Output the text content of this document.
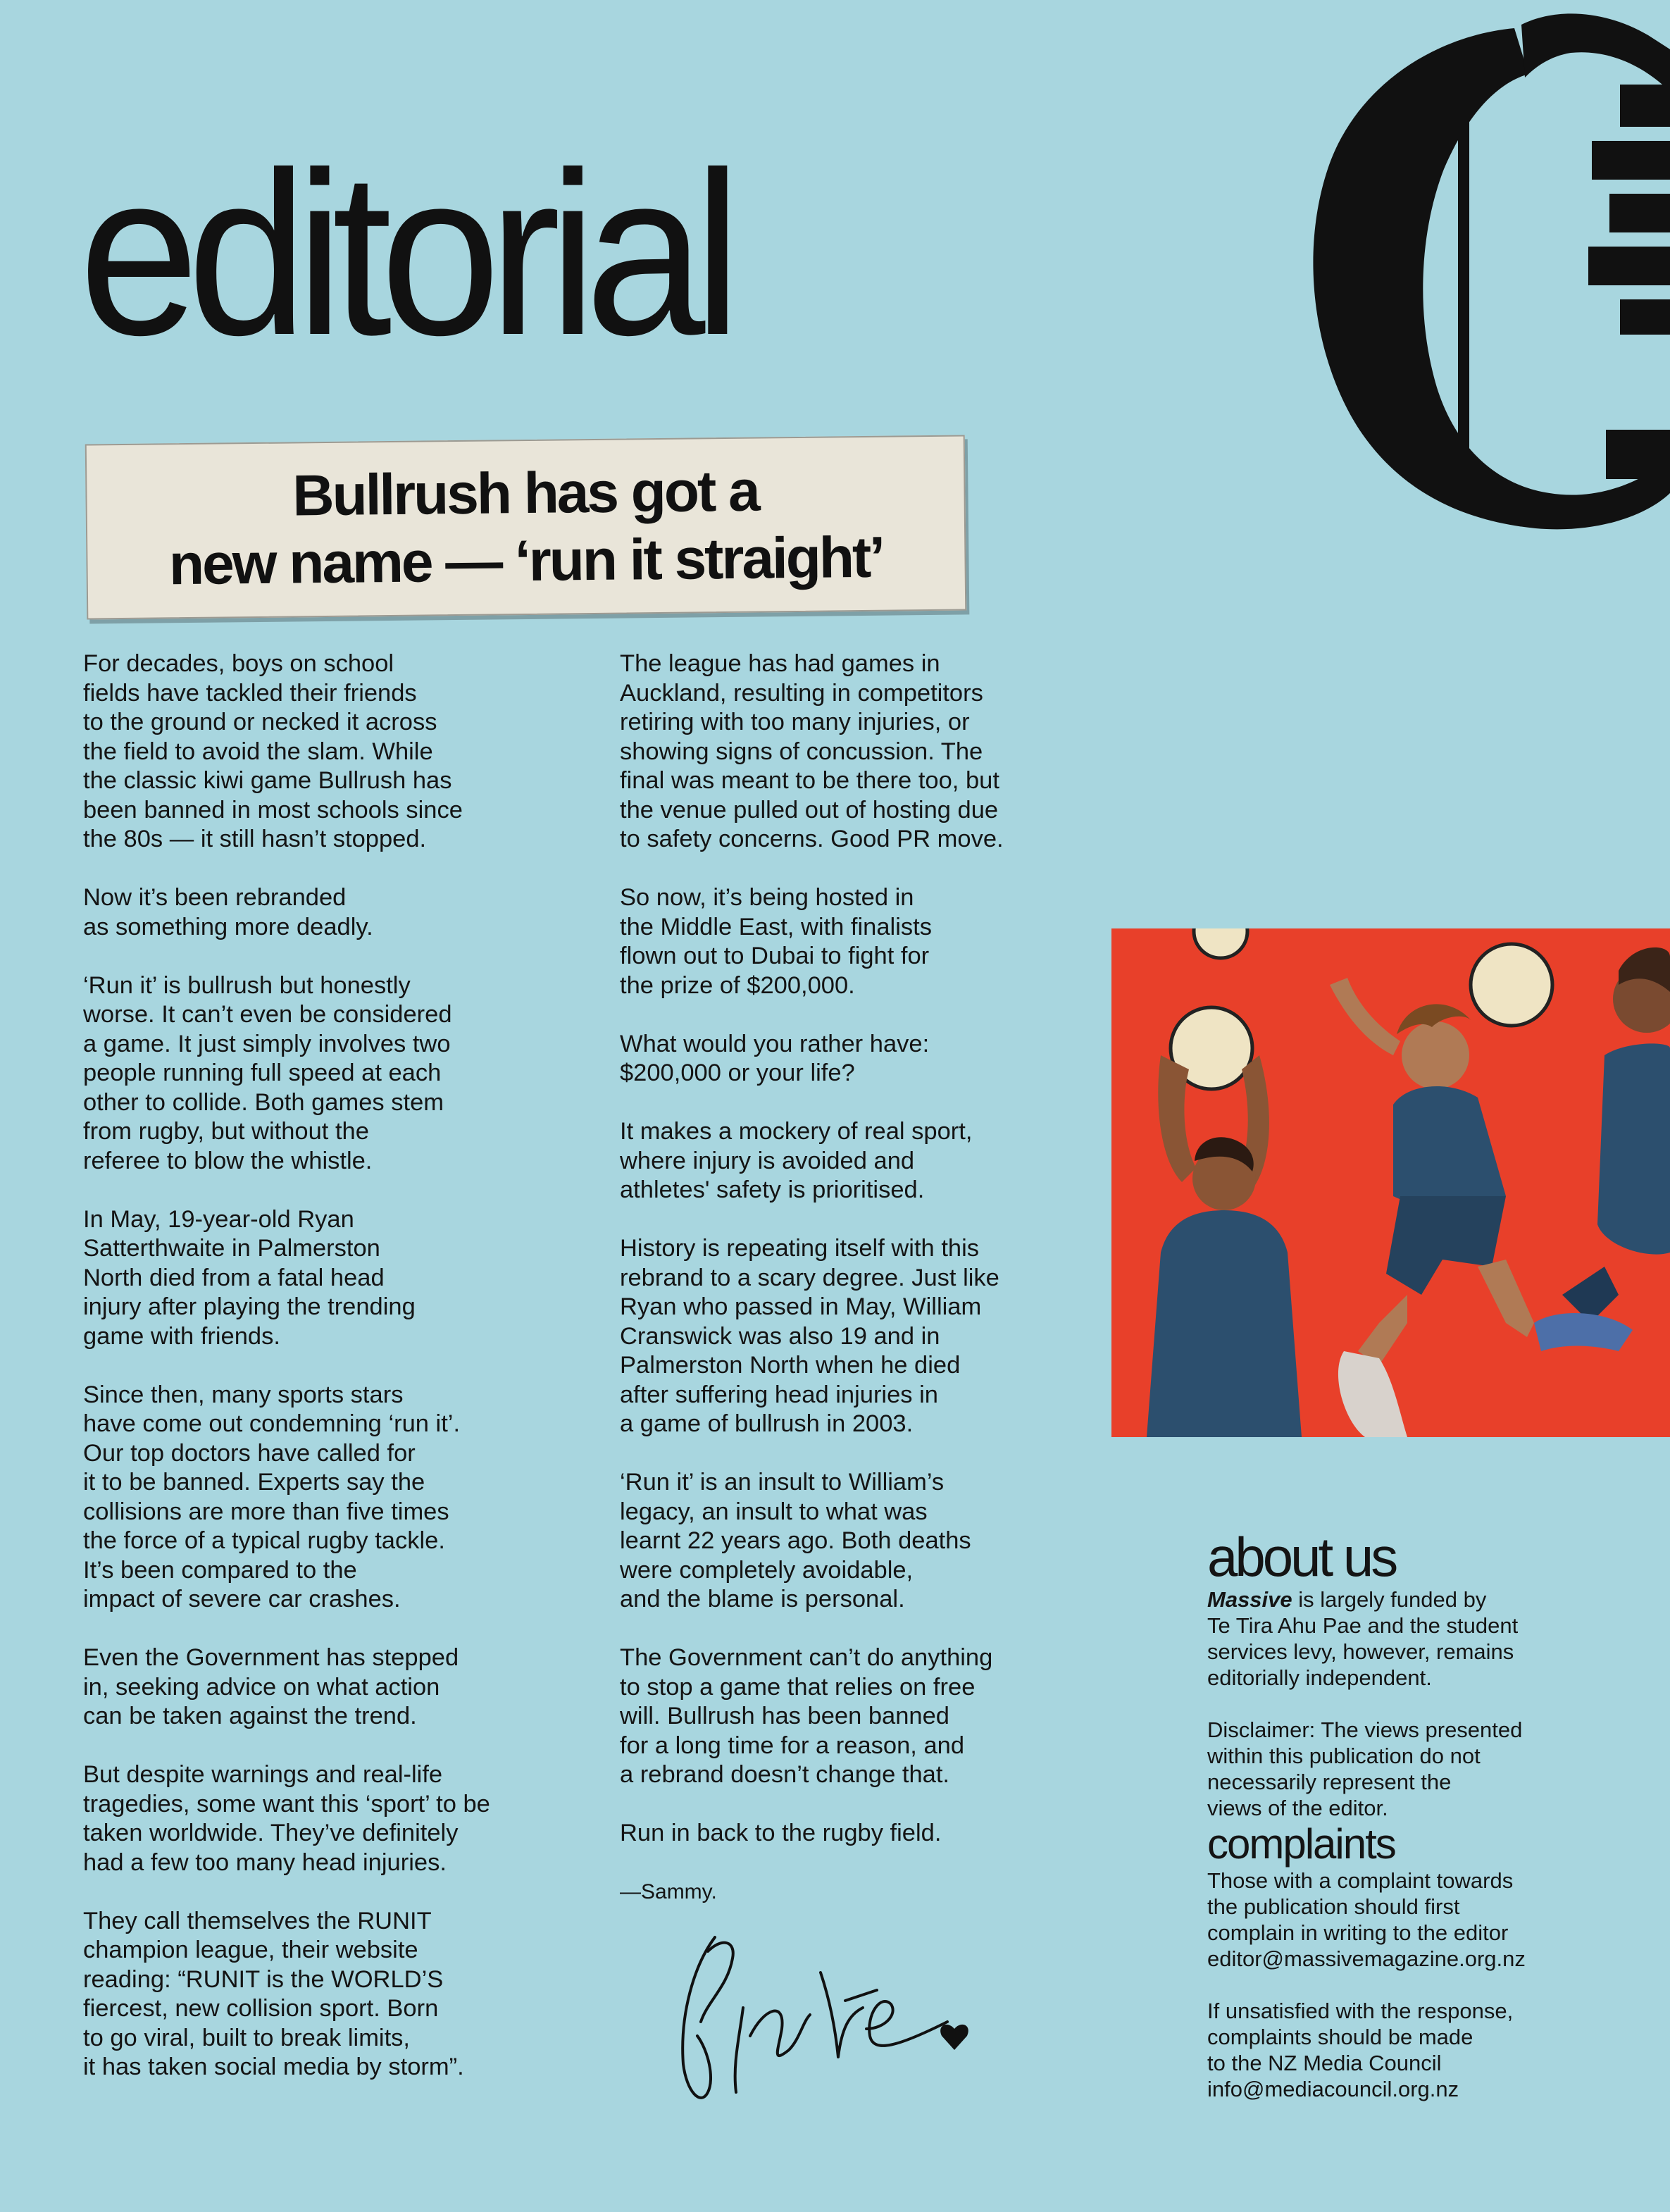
editorial
Bullrush has got a
new name — ‘run it straight’

For decades, boys on school
fields have tackled their friends
to the ground or necked it across
the field to avoid the slam. While
the classic kiwi game Bullrush has
been banned in most schools since
the 80s — it still hasn’t stopped.

Now it’s been rebranded
as something more deadly.

‘Run it’ is bullrush but honestly
worse. It can’t even be considered
a game. It just simply involves two
people running full speed at each
other to collide. Both games stem
from rugby, but without the
referee to blow the whistle.

In May, 19-year-old Ryan
Satterthwaite in Palmerston
North died from a fatal head
injury after playing the trending
game with friends.

Since then, many sports stars
have come out condemning ‘run it’.
Our top doctors have called for
it to be banned. Experts say the
collisions are more than five times
the force of a typical rugby tackle.
It’s been compared to the
impact of severe car crashes.

Even the Government has stepped
in, seeking advice on what action
can be taken against the trend.

But despite warnings and real-life
tragedies, some want this ‘sport’ to be
taken worldwide. They’ve definitely
had a few too many head injuries.

They call themselves the RUNIT
champion league, their website
reading: “RUNIT is the WORLD’S
fiercest, new collision sport. Born
to go viral, built to break limits,
it has taken social media by storm”.

The league has had games in
Auckland, resulting in competitors
retiring with too many injuries, or
showing signs of concussion. The
final was meant to be there too, but
the venue pulled out of hosting due
to safety concerns. Good PR move.

So now, it’s being hosted in
the Middle East, with finalists
flown out to Dubai to fight for
the prize of $200,000.

What would you rather have:
$200,000 or your life?

It makes a mockery of real sport,
where injury is avoided and
athletes' safety is prioritised.

History is repeating itself with this
rebrand to a scary degree. Just like
Ryan who passed in May, William
Cranswick was also 19 and in
Palmerston North when he died
after suffering head injuries in
a game of bullrush in 2003.

‘Run it’ is an insult to William’s
legacy, an insult to what was
learnt 22 years ago. Both deaths
were completely avoidable,
and the blame is personal.

The Government can’t do anything
to stop a game that relies on free
will. Bullrush has been banned
for a long time for a reason, and
a rebrand doesn’t change that.

Run in back to the rugby field.

—Sammy.

about us

Massive is largely funded by
Te Tira Ahu Pae and the student
services levy, however, remains
editorially independent.

Disclaimer: The views presented
within this publication do not
necessarily represent the
views of the editor.

complaints

Those with a complaint towards
the publication should first
complain in writing to the editor
editor@massivemagazine.org.nz

If unsatisfied with the response,
complaints should be made
to the NZ Media Council
info@mediacouncil.org.nz
